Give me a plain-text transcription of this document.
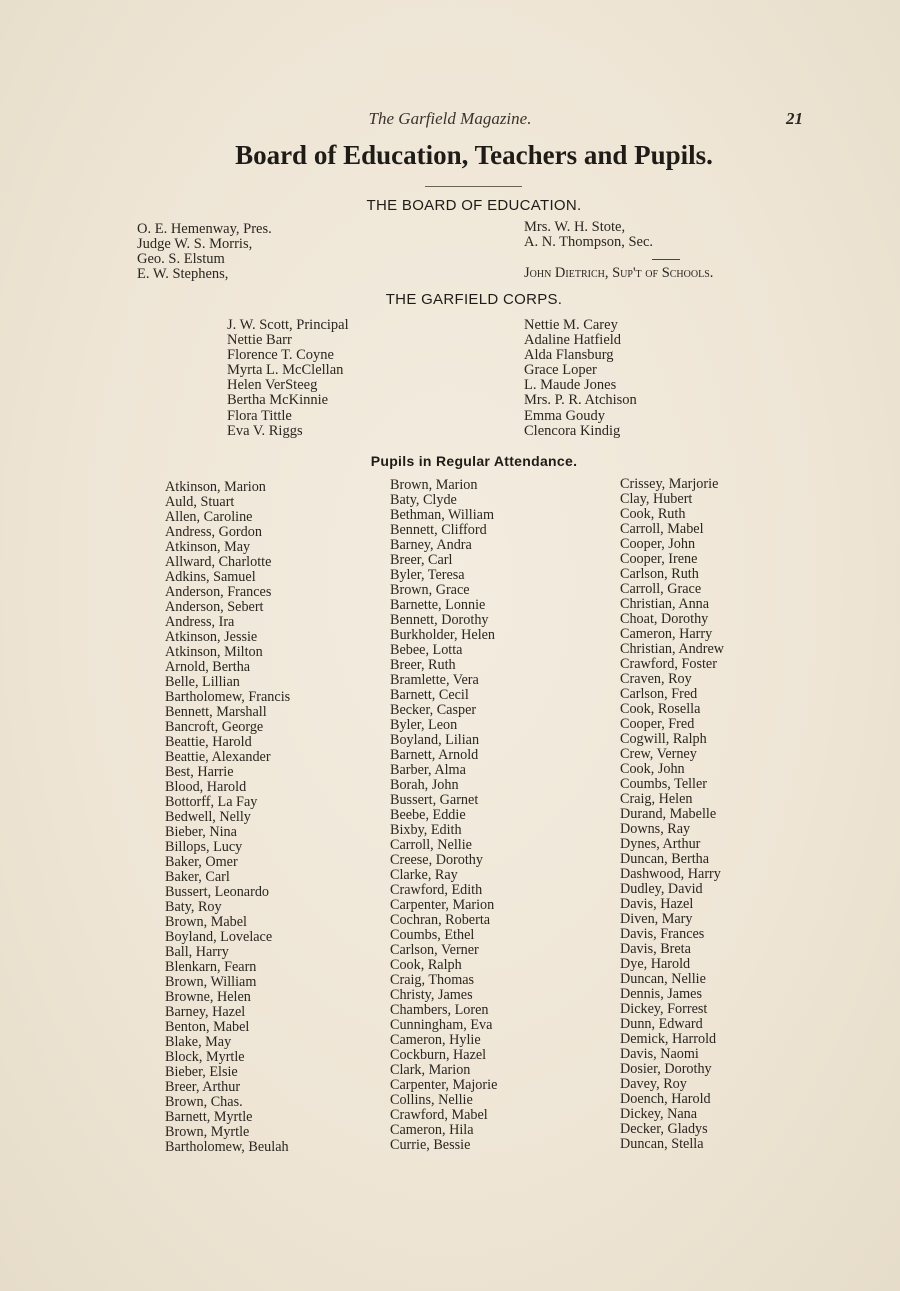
The Garfield Magazine.	21
Board of Education, Teachers and Pupils.
THE BOARD OF EDUCATION.
O. E. Hemenway, Pres.
Judge W. S. Morris,
Geo. S. Elstum
E. W. Stephens,
Mrs. W. H. Stote,
A. N. Thompson, Sec.
John Dietrich, Sup't of Schools.
THE GARFIELD CORPS.
J. W. Scott, Principal
Nettie Barr
Florence T. Coyne
Myrta L. McClellan
Helen VerSteeg
Bertha McKinnie
Flora Tittle
Eva V. Riggs
Nettie M. Carey
Adaline Hatfield
Alda Flansburg
Grace Loper
L. Maude Jones
Mrs. P. R. Atchison
Emma Goudy
Clencora Kindig
Pupils in Regular Attendance.
Atkinson, Marion
Auld, Stuart
Allen, Caroline
Andress, Gordon
Atkinson, May
Allward, Charlotte
Adkins, Samuel
Anderson, Frances
Anderson, Sebert
Andress, Ira
Atkinson, Jessie
Atkinson, Milton
Arnold, Bertha
Belle, Lillian
Bartholomew, Francis
Bennett, Marshall
Bancroft, George
Beattie, Harold
Beattie, Alexander
Best, Harrie
Blood, Harold
Bottorff, La Fay
Bedwell, Nelly
Bieber, Nina
Billops, Lucy
Baker, Omer
Baker, Carl
Bussert, Leonardo
Baty, Roy
Brown, Mabel
Boyland, Lovelace
Ball, Harry
Blenkarn, Fearn
Brown, William
Browne, Helen
Barney, Hazel
Benton, Mabel
Blake, May
Block, Myrtle
Bieber, Elsie
Breer, Arthur
Brown, Chas.
Barnett, Myrtle
Brown, Myrtle
Bartholomew, Beulah
Brown, Marion
Baty, Clyde
Bethman, William
Bennett, Clifford
Barney, Andra
Breer, Carl
Byler, Teresa
Brown, Grace
Barnette, Lonnie
Bennett, Dorothy
Burkholder, Helen
Bebee, Lotta
Breer, Ruth
Bramlette, Vera
Barnett, Cecil
Becker, Casper
Byler, Leon
Boyland, Lilian
Barnett, Arnold
Barber, Alma
Borah, John
Bussert, Garnet
Beebe, Eddie
Bixby, Edith
Carroll, Nellie
Creese, Dorothy
Clarke, Ray
Crawford, Edith
Carpenter, Marion
Cochran, Roberta
Coumbs, Ethel
Carlson, Verner
Cook, Ralph
Craig, Thomas
Christy, James
Chambers, Loren
Cunningham, Eva
Cameron, Hylie
Cockburn, Hazel
Clark, Marion
Carpenter, Majorie
Collins, Nellie
Crawford, Mabel
Cameron, Hila
Currie, Bessie
Crissey, Marjorie
Clay, Hubert
Cook, Ruth
Carroll, Mabel
Cooper, John
Cooper, Irene
Carlson, Ruth
Carroll, Grace
Christian, Anna
Choat, Dorothy
Cameron, Harry
Christian, Andrew
Crawford, Foster
Craven, Roy
Carlson, Fred
Cook, Rosella
Cooper, Fred
Cogwill, Ralph
Crew, Verney
Cook, John
Coumbs, Teller
Craig, Helen
Durand, Mabelle
Downs, Ray
Dynes, Arthur
Duncan, Bertha
Dashwood, Harry
Dudley, David
Davis, Hazel
Diven, Mary
Davis, Frances
Davis, Breta
Dye, Harold
Duncan, Nellie
Dennis, James
Dickey, Forrest
Dunn, Edward
Demick, Harrold
Davis, Naomi
Dosier, Dorothy
Davey, Roy
Doench, Harold
Dickey, Nana
Decker, Gladys
Duncan, Stella
